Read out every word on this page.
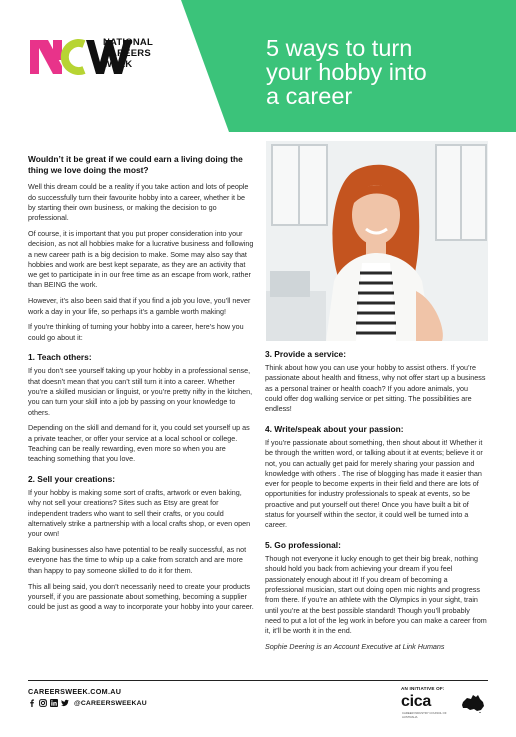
NATIONAL
CAREERS
WEEK
5 ways to turn
your hobby into
a career

Wouldn’t it be great if we could earn a living doing the thing we love doing the most?

Well this dream could be a reality if you take action and lots of people do successfully turn their favourite hobby into a career, whether it be by starting their own business, or making the decision to go professional.

Of course, it is important that you put proper consideration into your decision, as not all hobbies make for a lucrative business and following a new career path is a big decision to make. Some may also say that hobbies and work are best kept separate, as they are an activity that we get to participate in in our free time as an escape from work, rather than BEING the work.

However, it’s also been said that if you find a job you love, you’ll never work a day in your life, so perhaps it’s a gamble worth making!

If you’re thinking of turning your hobby into a career, here’s how you could go about it:

1. Teach others:

If you don’t see yourself taking up your hobby in a professional sense, that doesn’t mean that you can’t still turn it into a career. Whether you’re a skilled musician or linguist, or you’re pretty nifty in the kitchen, you can turn your skill into a job by passing on your knowledge to others.

Depending on the skill and demand for it, you could set yourself up as a private teacher, or offer your service at a local school or college. Teaching can be really rewarding, even more so when you are teaching something that you love.

2. Sell your creations:

If your hobby is making some sort of crafts, artwork or even baking, why not sell your creations? Sites such as Etsy are great for independent traders who want to sell their crafts, or you could alternatively strike a partnership with a local crafts shop, or even open your own!

Baking businesses also have potential to be really successful, as not everyone has the time to whip up a cake from scratch and are more than happy to pay someone skilled to do it for them.

This all being said, you don’t necessarily need to create your products yourself, if you are passionate about something, becoming a supplier could be just as good a way to incorporate your hobby into your career.

3. Provide a service:

Think about how you can use your hobby to assist others. If you’re passionate about health and fitness, why not offer start up a business as a personal trainer or health coach? If you adore animals, you could offer dog walking service or pet sitting. The possibilities are endless!

4. Write/speak about your passion:

If you’re passionate about something, then shout about it! Whether it be through the written word, or talking about it at events; believe it or not, you can actually get paid for merely sharing your passion and knowledge with others . The rise of blogging has made it easier than ever for people to become experts in their field and there are lots of opportunities for industry professionals to speak at events, so be proactive and put yourself out there! Once you have built a bit of status for yourself within the sector, it could well be turned into a career.

5. Go professional:

Though not everyone it lucky enough to get their big break, nothing should hold you back from achieving your dream if you feel passionately enough about it! If you dream of becoming a professional musician, start out doing open mic nights and progress from there. If you’re an athlete with the Olympics in your sight, train until you’re at the best possible standard! Though you’ll probably need to put a lot of the leg work in before you can make a career from it, it’ll be worth it in the end.

Sophie Deering is an Account Executive at Link Humans

CAREERSWEEK.COM.AU
@CAREERSWEEKAU
AN INITIATIVE OF:
cica
CAREER INDUSTRY COUNCIL OF AUSTRALIA
